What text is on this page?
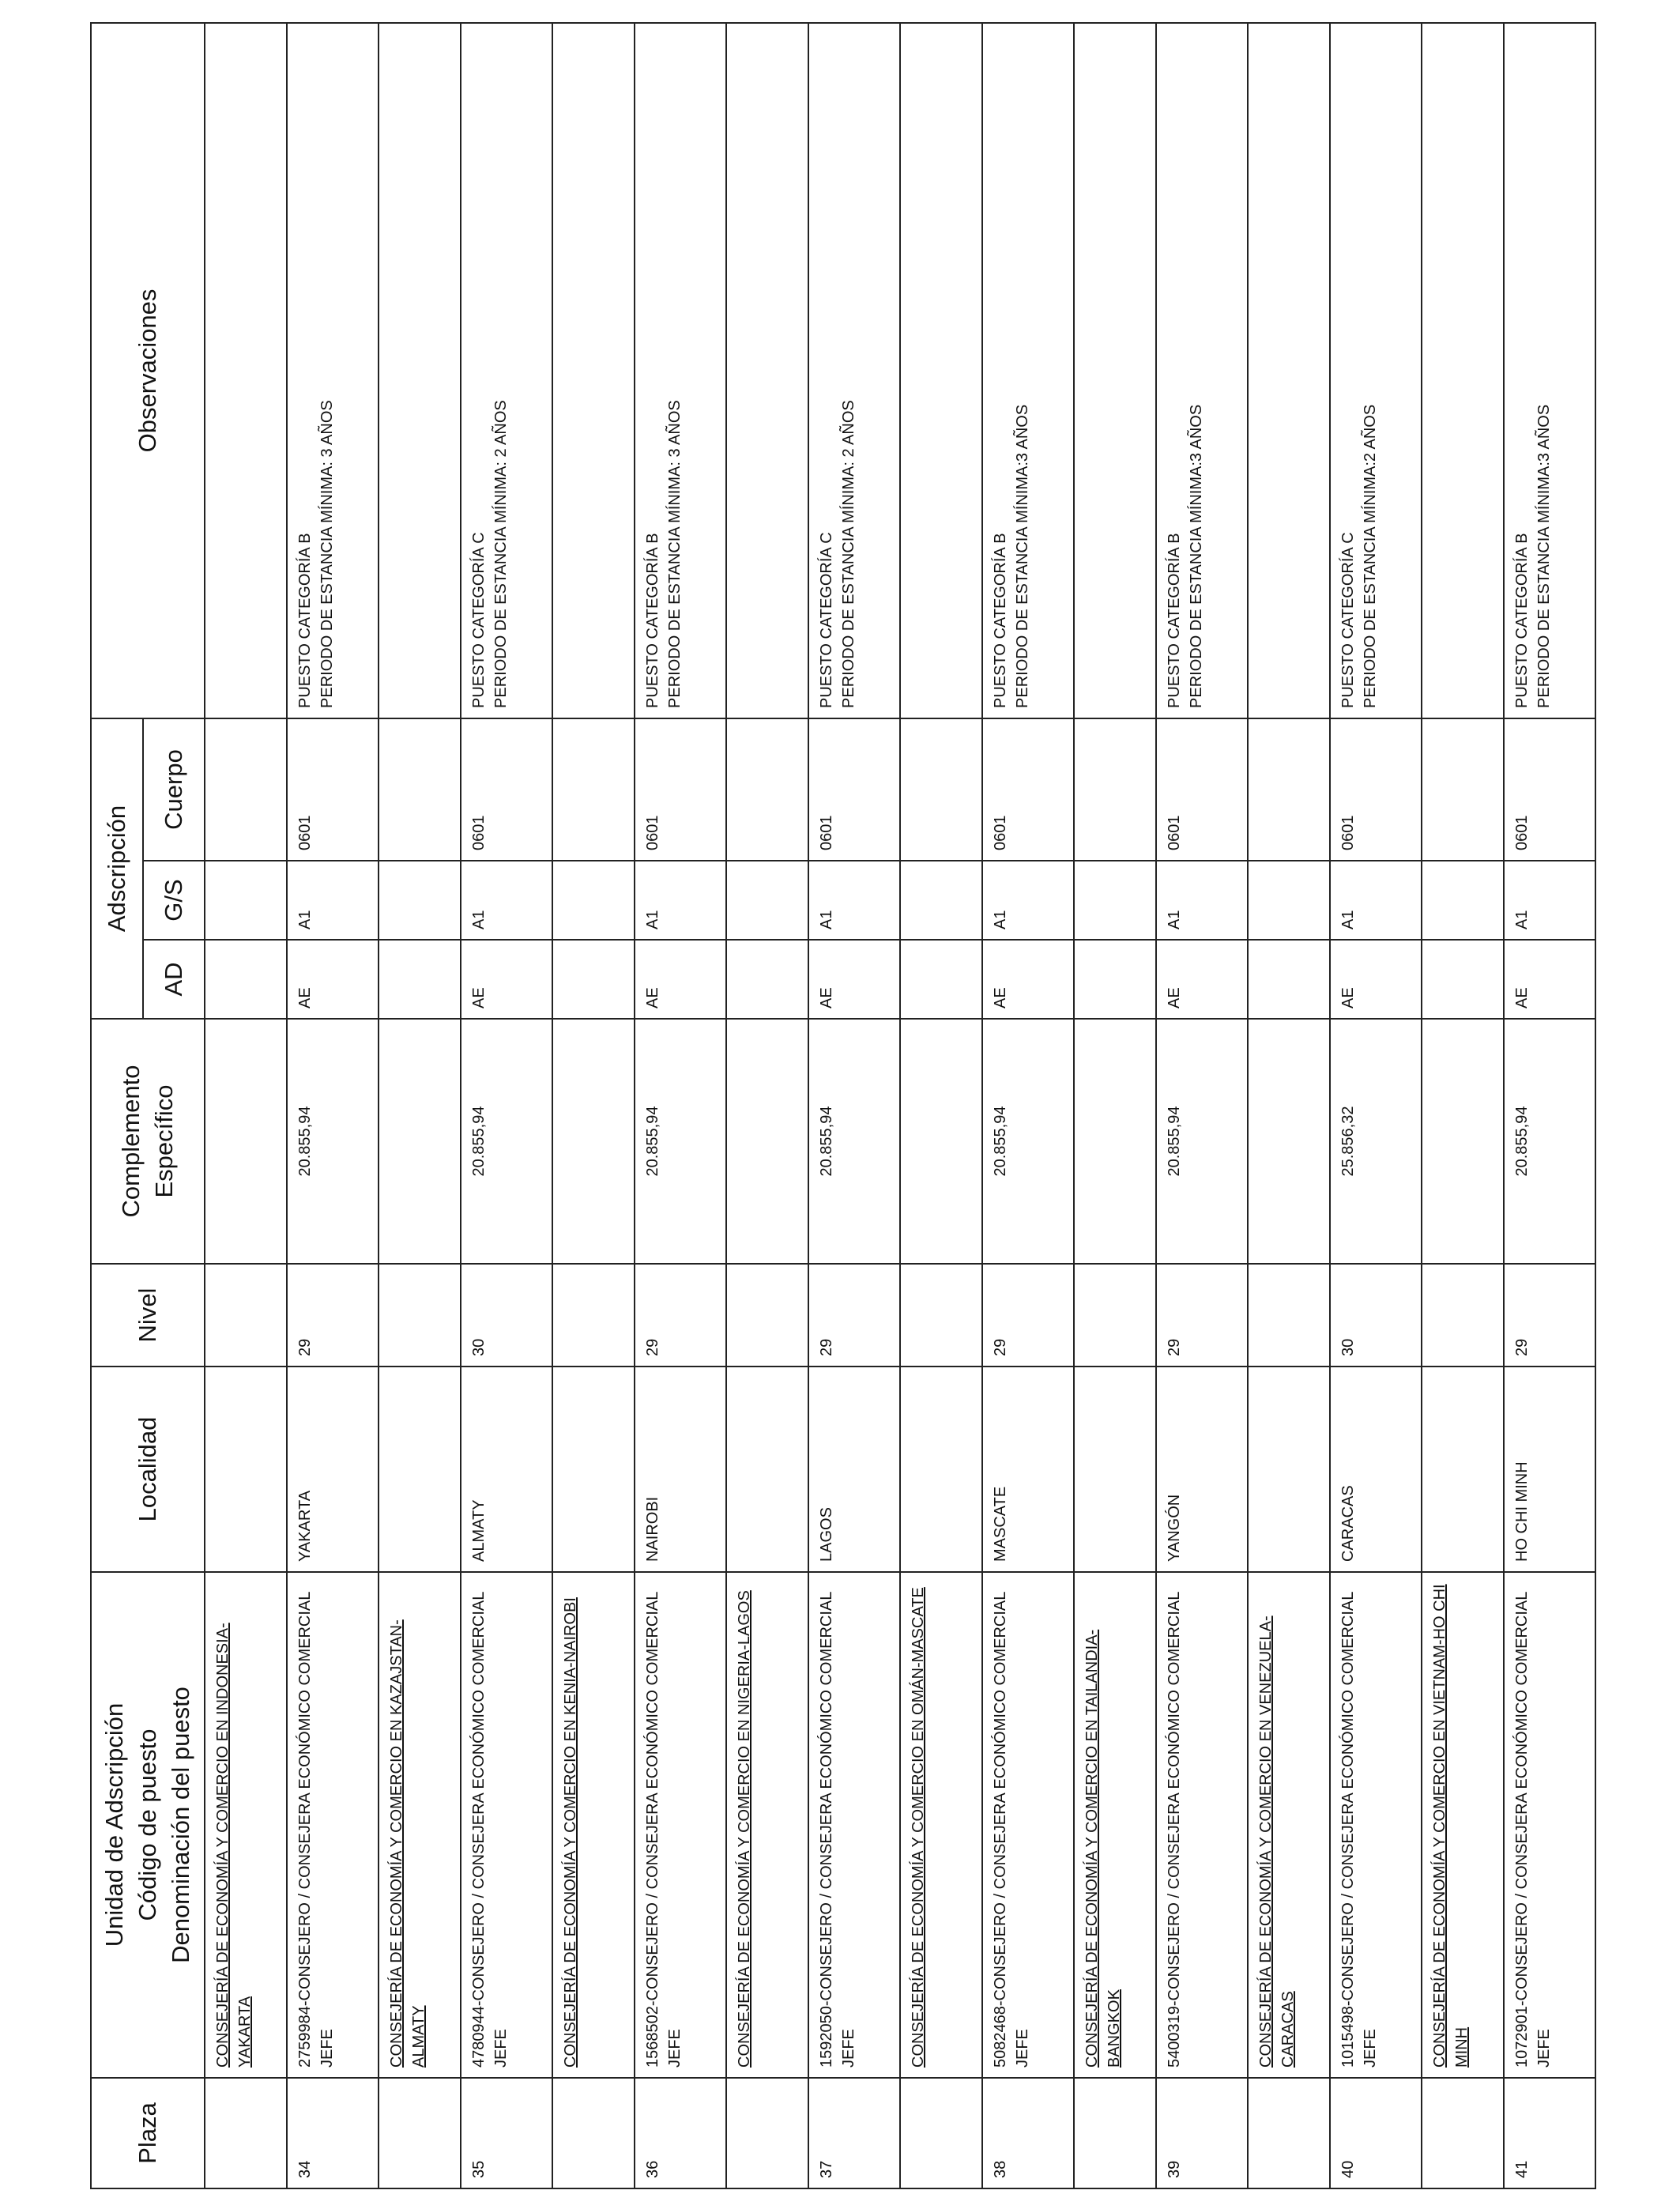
Plaza	Unidad de Adscripción
Código de puesto
Denominación del puesto	Localidad	Nivel	Complemento
Específico	Adscripción			Observaciones
					AD	G/S	Cuerpo	
	CONSEJERÍA DE ECONOMÍA Y COMERCIO EN INDONESIA-YAKARTA							
34	2759984-CONSEJERO / CONSEJERA ECONÓMICO COMERCIAL JEFE	YAKARTA	29	20.855,94	AE	A1	0601	PUESTO CATEGORÍA B
PERIODO DE ESTANCIA MÍNIMA: 3 AÑOS
	CONSEJERÍA DE ECONOMÍA Y COMERCIO EN KAZAJSTAN-ALMATY							
35	4780944-CONSEJERO / CONSEJERA ECONÓMICO COMERCIAL JEFE	ALMATY	30	20.855,94	AE	A1	0601	PUESTO CATEGORÍA C
PERIODO DE ESTANCIA MÍNIMA: 2 AÑOS
	CONSEJERÍA DE ECONOMÍA Y COMERCIO EN KENIA-NAIROBI							
36	1568502-CONSEJERO / CONSEJERA ECONÓMICO COMERCIAL JEFE	NAIROBI	29	20.855,94	AE	A1	0601	PUESTO CATEGORÍA B
PERIODO DE ESTANCIA MÍNIMA: 3 AÑOS
	CONSEJERÍA DE ECONOMÍA Y COMERCIO EN NIGERIA-LAGOS							
37	1592050-CONSEJERO / CONSEJERA ECONÓMICO COMERCIAL JEFE	LAGOS	29	20.855,94	AE	A1	0601	PUESTO CATEGORÍA C
PERIODO DE ESTANCIA MÍNIMA: 2 AÑOS
	CONSEJERÍA DE ECONOMÍA Y COMERCIO EN OMÁN-MASCATE							
38	5082468-CONSEJERO / CONSEJERA ECONÓMICO COMERCIAL JEFE	MASCATE	29	20.855,94	AE	A1	0601	PUESTO CATEGORÍA B
PERIODO DE ESTANCIA MÍNIMA:3 AÑOS
	CONSEJERÍA DE ECONOMÍA Y COMERCIO EN TAILANDIA-BANGKOK							
39	5400319-CONSEJERO / CONSEJERA ECONÓMICO COMERCIAL	YANGÓN	29	20.855,94	AE	A1	0601	PUESTO CATEGORÍA B
PERIODO DE ESTANCIA MÍNIMA:3 AÑOS
	CONSEJERÍA DE ECONOMÍA Y COMERCIO EN VENEZUELA-CARACAS							
40	1015498-CONSEJERO / CONSEJERA ECONÓMICO COMERCIAL JEFE	CARACAS	30	25.856,32	AE	A1	0601	PUESTO CATEGORÍA C
PERIODO DE ESTANCIA MÍNIMA:2 AÑOS
	CONSEJERÍA DE ECONOMÍA Y COMERCIO EN VIETNAM-HO CHI MINH							
41	1072901-CONSEJERO / CONSEJERA ECONÓMICO COMERCIAL JEFE	HO CHI MINH	29	20.855,94	AE	A1	0601	PUESTO CATEGORÍA B
PERIODO DE ESTANCIA MÍNIMA:3 AÑOS
